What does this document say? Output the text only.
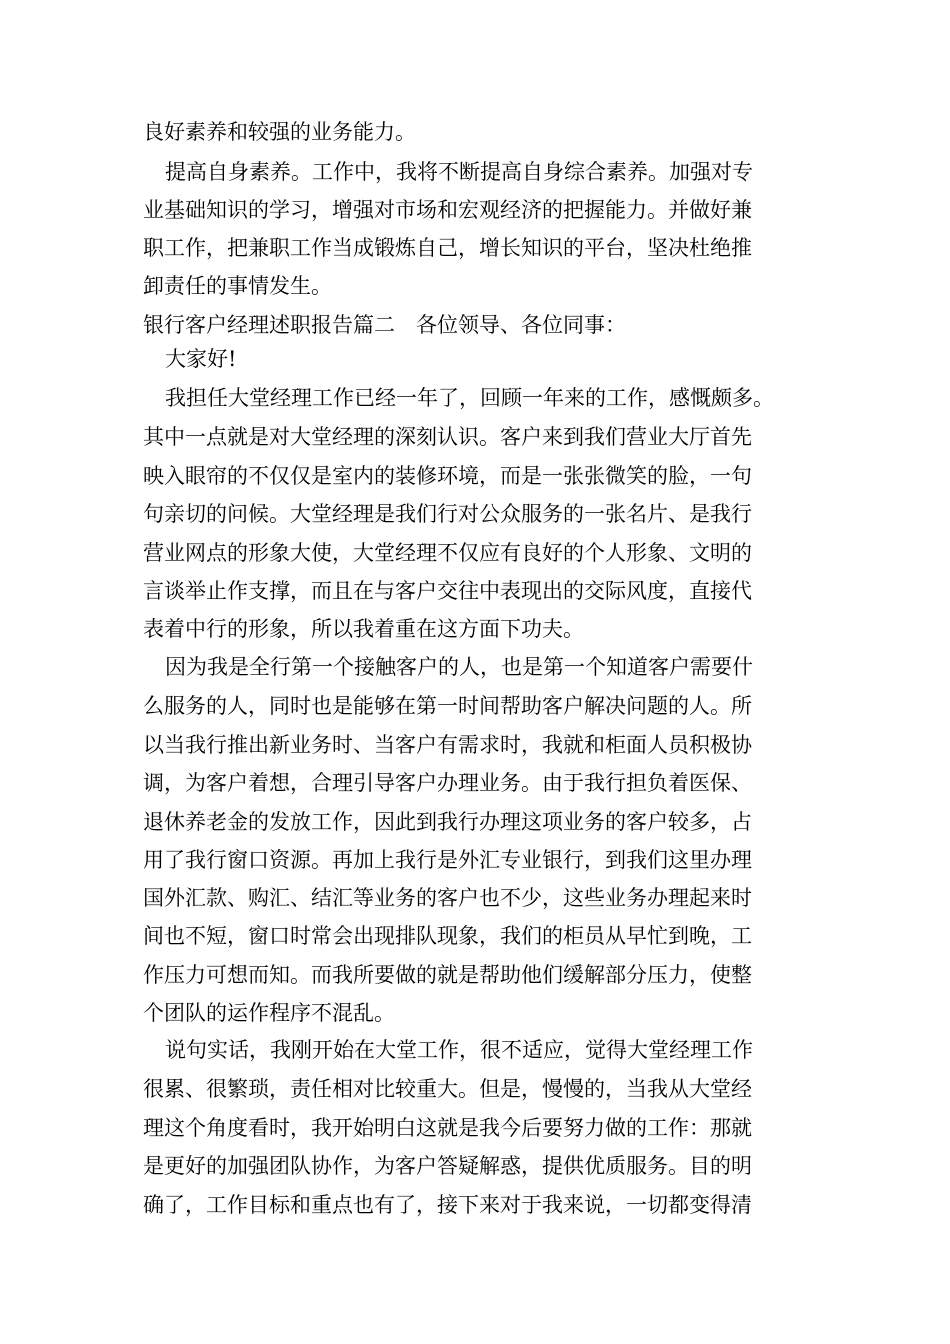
良好素养和较强的业务能力。
提高自身素养。工作中，我将不断提高自身综合素养。加强对专
业基础知识的学习，增强对市场和宏观经济的把握能力。并做好兼
职工作，把兼职工作当成锻炼自己，增长知识的平台，坚决杜绝推
卸责任的事情发生。
银行客户经理述职报告篇二　各位领导、各位同事：
大家好!
我担任大堂经理工作已经一年了，回顾一年来的工作，感慨颇多。
其中一点就是对大堂经理的深刻认识。客户来到我们营业大厅首先
映入眼帘的不仅仅是室内的装修环境，而是一张张微笑的脸，一句
句亲切的问候。大堂经理是我们行对公众服务的一张名片、是我行
营业网点的形象大使，大堂经理不仅应有良好的个人形象、文明的
言谈举止作支撑，而且在与客户交往中表现出的交际风度，直接代
表着中行的形象，所以我着重在这方面下功夫。
因为我是全行第一个接触客户的人，也是第一个知道客户需要什
么服务的人，同时也是能够在第一时间帮助客户解决问题的人。所
以当我行推出新业务时、当客户有需求时，我就和柜面人员积极协
调，为客户着想，合理引导客户办理业务。由于我行担负着医保、
退休养老金的发放工作，因此到我行办理这项业务的客户较多，占
用了我行窗口资源。再加上我行是外汇专业银行，到我们这里办理
国外汇款、购汇、结汇等业务的客户也不少，这些业务办理起来时
间也不短，窗口时常会出现排队现象，我们的柜员从早忙到晚，工
作压力可想而知。而我所要做的就是帮助他们缓解部分压力，使整
个团队的运作程序不混乱。
说句实话，我刚开始在大堂工作，很不适应，觉得大堂经理工作
很累、很繁琐，责任相对比较重大。但是，慢慢的，当我从大堂经
理这个角度看时，我开始明白这就是我今后要努力做的工作：那就
是更好的加强团队协作，为客户答疑解惑，提供优质服务。目的明
确了，工作目标和重点也有了，接下来对于我来说，一切都变得清
